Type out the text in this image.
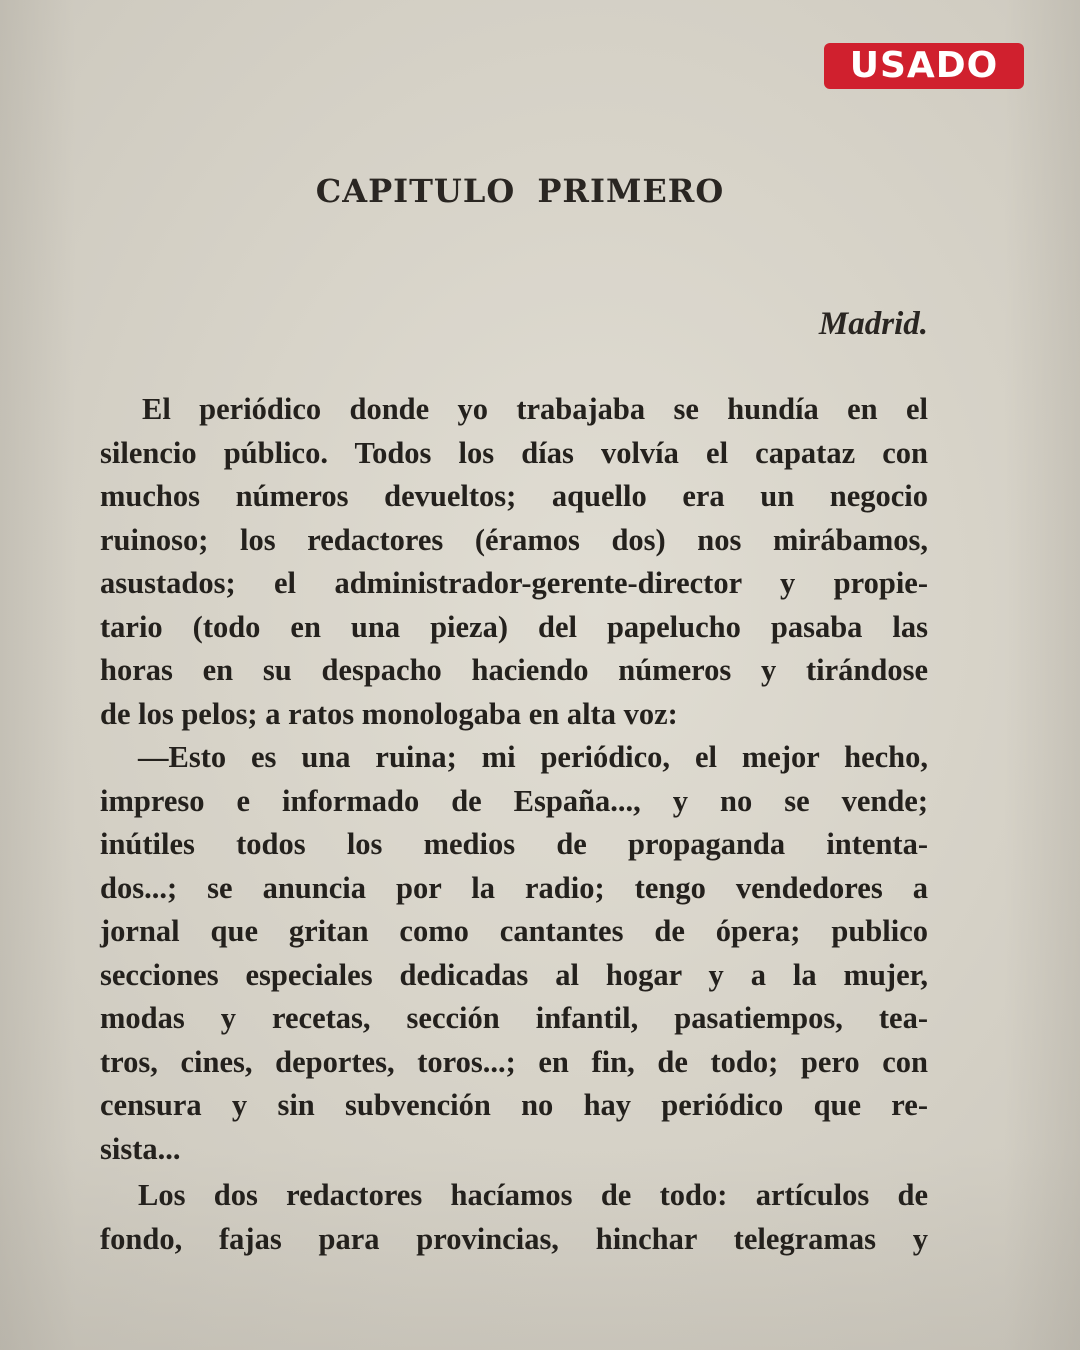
USADO
CAPITULO PRIMERO
Madrid.
El periódico donde yo trabajaba se hundía en el
silencio público. Todos los días volvía el capataz con
muchos números devueltos; aquello era un negocio
ruinoso; los redactores (éramos dos) nos mirábamos,
asustados; el administrador-gerente-director y propie-
tario (todo en una pieza) del papelucho pasaba las
horas en su despacho haciendo números y tirándose
de los pelos; a ratos monologaba en alta voz:
—Esto es una ruina; mi periódico, el mejor hecho,
impreso e informado de España..., y no se vende;
inútiles todos los medios de propaganda intenta-
dos...; se anuncia por la radio; tengo vendedores a
jornal que gritan como cantantes de ópera; publico
secciones especiales dedicadas al hogar y a la mujer,
modas y recetas, sección infantil, pasatiempos, tea-
tros, cines, deportes, toros...; en fin, de todo; pero con
censura y sin subvención no hay periódico que re-
sista...
Los dos redactores hacíamos de todo: artículos de
fondo, fajas para provincias, hinchar telegramas y
